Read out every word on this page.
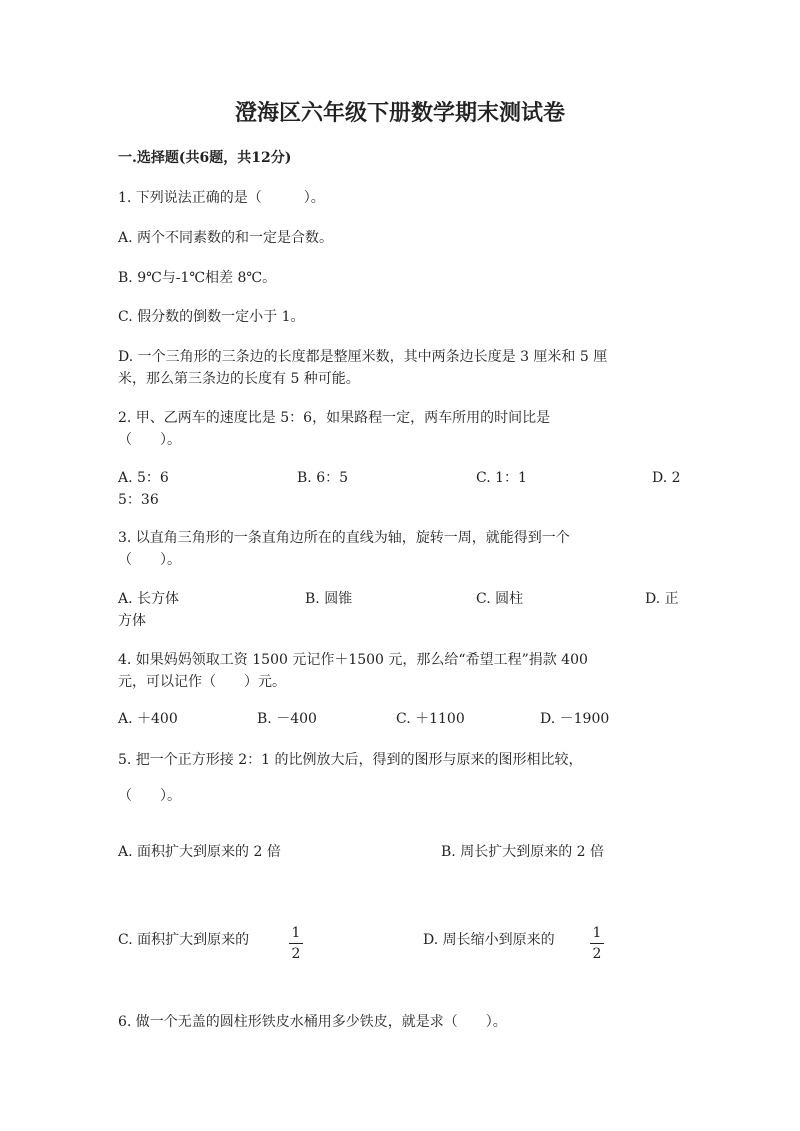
澄海区六年级下册数学期末测试卷
一.选择题(共6题，共12分)
1. 下列说法正确的是（　　　）。
A. 两个不同素数的和一定是合数。
B. 9℃与-1℃相差 8℃。
C. 假分数的倒数一定小于 1。
D. 一个三角形的三条边的长度都是整厘米数，其中两条边长度是 3 厘米和 5 厘
米，那么第三条边的长度有 5 种可能。
2. 甲、乙两车的速度比是 5：6，如果路程一定，两车所用的时间比是
（　　）。
A. 5：6	B. 6：5	C. 1：1	D. 2
5：36
3. 以直角三角形的一条直角边所在的直线为轴，旋转一周，就能得到一个
（　　）。
A. 长方体	B. 圆锥	C. 圆柱	D. 正
方体
4. 如果妈妈领取工资 1500 元记作＋1500 元，那么给“希望工程”捐款 400
元，可以记作（　　）元。
A. ＋400	B. －400	C. ＋1100	D. －1900
5. 把一个正方形接 2：1 的比例放大后，得到的图形与原来的图形相比较，
（　　）。
A. 面积扩大到原来的 2 倍	B. 周长扩大到原来的 2 倍
C. 面积扩大到原来的	1
2
D. 周长缩小到原来的	1
2
6. 做一个无盖的圆柱形铁皮水桶用多少铁皮，就是求（　　）。
